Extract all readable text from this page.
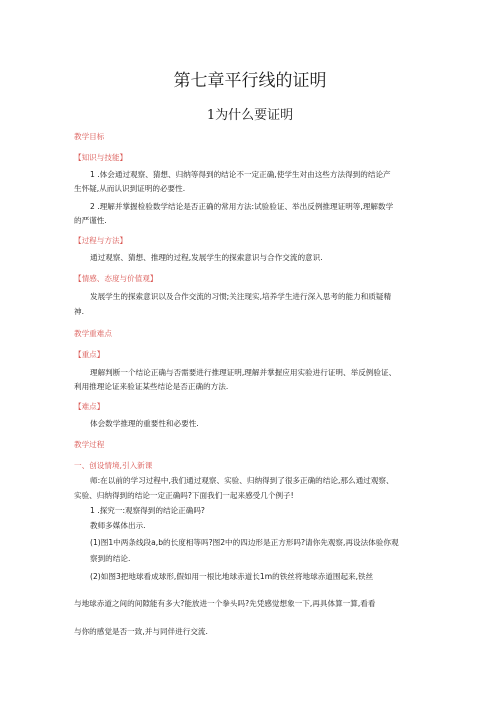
第七章平行线的证明
1为什么要证明
教学目标
【知识与技能】
1 .体会通过观察、猜想、归纳等得到的结论不一定正确,使学生对由这些方法得到的结论产
生怀疑,从而认识到证明的必要性.
2 .理解并掌握检验数学结论是否正确的常用方法:试验验证、举出反例推理证明等,理解数学
的严谨性.
【过程与方法】
通过观察、猜想、推理的过程,发展学生的探索意识与合作交流的意识.
【情感、态度与价值观】
发展学生的探索意识以及合作交流的习惯;关注现实,培养学生进行深入思考的能力和质疑精
神.
教学重难点
【重点】
理解判断一个结论正确与否需要进行推理证明,理解并掌握应用实验进行证明、举反例验证、
利用推理论证来验证某些结论是否正确的方法.
【难点】
体会数学推理的重要性和必要性.
教学过程
一、创设情境,引入新课
师:在以前的学习过程中,我们通过观察、实验、归纳得到了很多正确的结论,那么通过观察、
实验、归纳得到的结论一定正确吗?下面我们一起来感受几个例子!
1 .探究一:观察得到的结论正确吗?
教师多媒体出示.
(1)图1中两条线段a,b的长度相等吗?图2中的四边形是正方形吗?请你先观察,再设法体验你观
察到的结论.
(2)如图3把地球看成球形,假如用一根比地球赤道长1m的铁丝将地球赤道围起来,铁丝
与地球赤道之间的间隙能有多大?能放进一个拳头吗?先凭感觉想象一下,再具体算一算,看看
与你的感觉是否一致,并与同伴进行交流.
